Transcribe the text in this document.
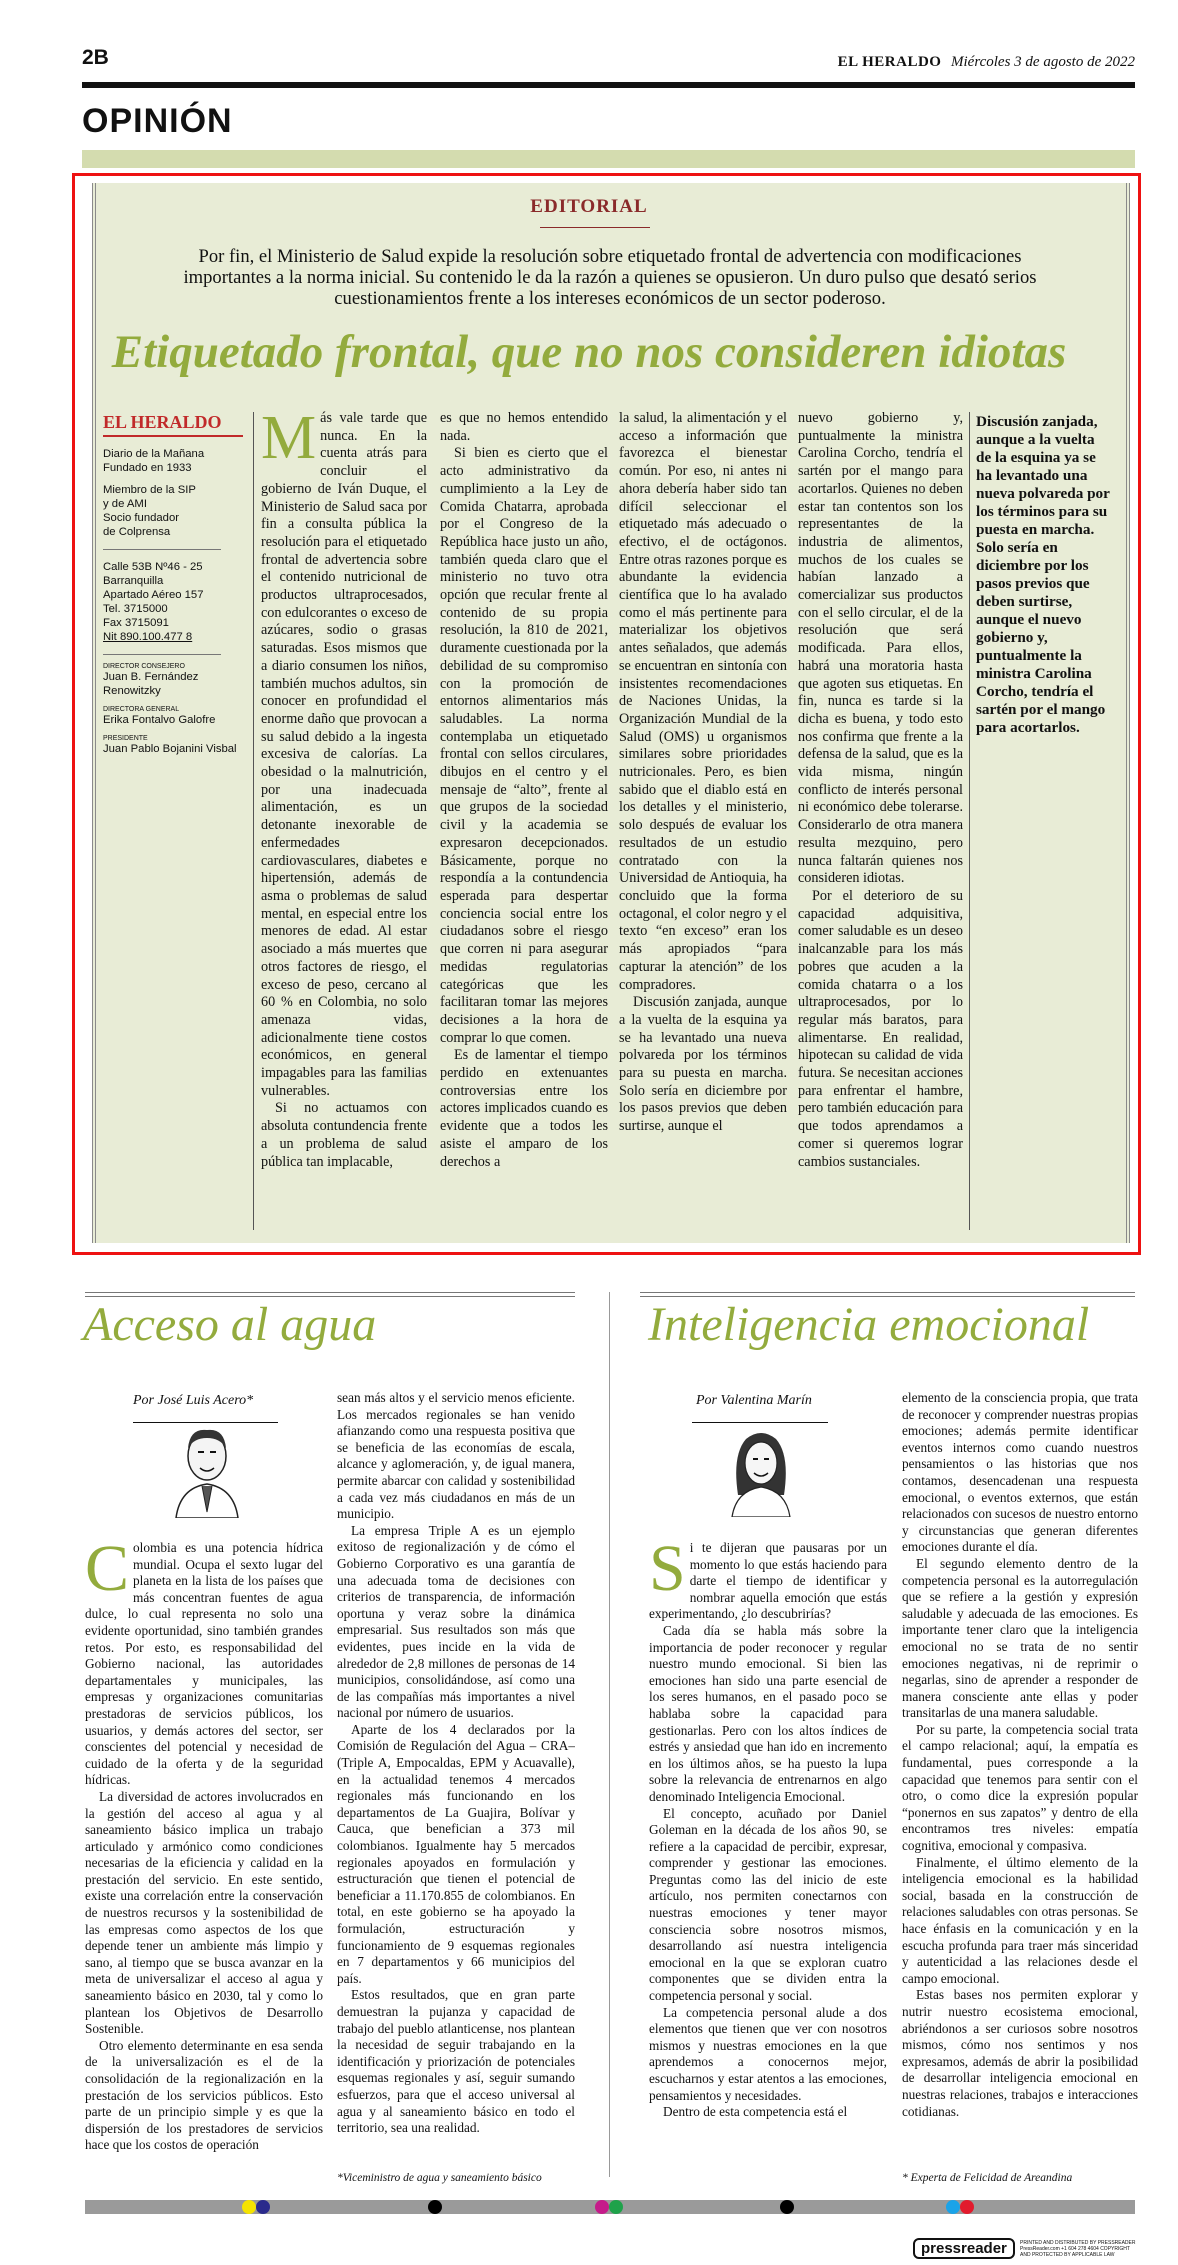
2B	EL HERALDO Miércoles 3 de agosto de 2022
OPINIÓN
EDITORIAL
Por fin, el Ministerio de Salud expide la resolución sobre etiquetado frontal de advertencia con modificaciones importantes a la norma inicial. Su contenido le da la razón a quienes se opusieron. Un duro pulso que desató serios cuestionamientos frente a los intereses económicos de un sector poderoso.
Etiquetado frontal, que no nos consideren idiotas
EL HERALDO
Diario de la Mañana
Fundado en 1933
Miembro de la SIP
y de AMI
Socio fundador
de Colprensa
Calle 53B Nº46 - 25
Barranquilla
Apartado Aéreo 157
Tel. 3715000
Fax 3715091
Nit 890.100.477 8
DIRECTOR CONSEJERO
Juan B. Fernández Renowitzky
DIRECTORA GENERAL
Erika Fontalvo Galofre
PRESIDENTE
Juan Pablo Bojanini Visbal

Más vale tarde que nunca. En la cuenta atrás para concluir el gobierno de Iván Duque, el Ministerio de Salud saca por fin a consulta pública la resolución para el etiquetado frontal de advertencia sobre el contenido nutricional de productos ultraprocesados, con edulcorantes o exceso de azúcares, sodio o grasas saturadas. Esos mismos que a diario consumen los niños, también muchos adultos, sin conocer en profundidad el enorme daño que provocan a su salud debido a la ingesta excesiva de calorías. La obesidad o la malnutrición, por una inadecuada alimentación, es un detonante inexorable de enfermedades cardiovasculares, diabetes e hipertensión, además de asma o problemas de salud mental, en especial entre los menores de edad. Al estar asociado a más muertes que otros factores de riesgo, el exceso de peso, cercano al 60 % en Colombia, no solo amenaza vidas, adicionalmente tiene costos económicos, en general impagables para las familias vulnerables.

Si no actuamos con absoluta contundencia frente a un problema de salud pública tan implacable,

es que no hemos entendido nada.

Si bien es cierto que el acto administrativo da cumplimiento a la Ley de Comida Chatarra, aprobada por el Congreso de la República hace justo un año, también queda claro que el ministerio no tuvo otra opción que recular frente al contenido de su propia resolución, la 810 de 2021, duramente cuestionada por la debilidad de su compromiso con la promoción de entornos alimentarios más saludables. La norma contemplaba un etiquetado frontal con sellos circulares, dibujos en el centro y el mensaje de “alto”, frente al que grupos de la sociedad civil y la academia se expresaron decepcionados. Básicamente, porque no respondía a la contundencia esperada para despertar conciencia social entre los ciudadanos sobre el riesgo que corren ni para asegurar medidas regulatorias categóricas que les facilitaran tomar las mejores decisiones a la hora de comprar lo que comen.

Es de lamentar el tiempo perdido en extenuantes controversias entre los actores implicados cuando es evidente que a todos les asiste el amparo de los derechos a

la salud, la alimentación y el acceso a información que favorezca el bienestar común. Por eso, ni antes ni ahora debería haber sido tan difícil seleccionar el etiquetado más adecuado o efectivo, el de octágonos. Entre otras razones porque es abundante la evidencia científica que lo ha avalado como el más pertinente para materializar los objetivos antes señalados, que además se encuentran en sintonía con insistentes recomendaciones de Naciones Unidas, la Organización Mundial de la Salud (OMS) u organismos similares sobre prioridades nutricionales. Pero, es bien sabido que el diablo está en los detalles y el ministerio, solo después de evaluar los resultados de un estudio contratado con la Universidad de Antioquia, ha concluido que la forma octagonal, el color negro y el texto “en exceso” eran los más apropiados “para capturar la atención” de los compradores.

Discusión zanjada, aunque a la vuelta de la esquina ya se ha levantado una nueva polvareda por los términos para su puesta en marcha. Solo sería en diciembre por los pasos previos que deben surtirse, aunque el

nuevo gobierno y, puntualmente la ministra Carolina Corcho, tendría el sartén por el mango para acortarlos. Quienes no deben estar tan contentos son los representantes de la industria de alimentos, muchos de los cuales se habían lanzado a comercializar sus productos con el sello circular, el de la resolución que será modificada. Para ellos, habrá una moratoria hasta que agoten sus etiquetas. En fin, nunca es tarde si la dicha es buena, y todo esto nos confirma que frente a la defensa de la salud, que es la vida misma, ningún conflicto de interés personal ni económico debe tolerarse. Considerarlo de otra manera resulta mezquino, pero nunca faltarán quienes nos consideren idiotas.

Por el deterioro de su capacidad adquisitiva, comer saludable es un deseo inalcanzable para los más pobres que acuden a la comida chatarra o a los ultraprocesados, por lo regular más baratos, para alimentarse. En realidad, hipotecan su calidad de vida futura. Se necesitan acciones para enfrentar el hambre, pero también educación para que todos aprendamos a comer si queremos lograr cambios sustanciales.

Discusión zanjada, aunque a la vuelta de la esquina ya se ha levantado una nueva polvareda por los términos para su puesta en marcha. Solo sería en diciembre por los pasos previos que deben surtirse, aunque el nuevo gobierno y, puntualmente la ministra Carolina Corcho, tendría el sartén por el mango para acortarlos.
Acceso al agua
Por José Luis Acero*

Colombia es una potencia hídrica mundial. Ocupa el sexto lugar del planeta en la lista de los países que más concentran fuentes de agua dulce, lo cual representa no solo una evidente oportunidad, sino también grandes retos. Por esto, es responsabilidad del Gobierno nacional, las autoridades departamentales y municipales, las empresas y organizaciones comunitarias prestadoras de servicios públicos, los usuarios, y demás actores del sector, ser conscientes del potencial y necesidad de cuidado de la oferta y de la seguridad hídricas.

La diversidad de actores involucrados en la gestión del acceso al agua y al saneamiento básico implica un trabajo articulado y armónico como condiciones necesarias de la eficiencia y calidad en la prestación del servicio. En este sentido, existe una correlación entre la conservación de nuestros recursos y la sostenibilidad de las empresas como aspectos de los que depende tener un ambiente más limpio y sano, al tiempo que se busca avanzar en la meta de universalizar el acceso al agua y saneamiento básico en 2030, tal y como lo plantean los Objetivos de Desarrollo Sostenible.

Otro elemento determinante en esa senda de la universalización es el de la consolidación de la regionalización en la prestación de los servicios públicos. Esto parte de un principio simple y es que la dispersión de los prestadores de servicios hace que los costos de operación

sean más altos y el servicio menos eficiente. Los mercados regionales se han venido afianzando como una respuesta positiva que se beneficia de las economías de escala, alcance y aglomeración, y, de igual manera, permite abarcar con calidad y sostenibilidad a cada vez más ciudadanos en más de un municipio.

La empresa Triple A es un ejemplo exitoso de regionalización y de cómo el Gobierno Corporativo es una garantía de una adecuada toma de decisiones con criterios de transparencia, de información oportuna y veraz sobre la dinámica empresarial. Sus resultados son más que evidentes, pues incide en la vida de alrededor de 2,8 millones de personas de 14 municipios, consolidándose, así como una de las compañías más importantes a nivel nacional por número de usuarios.

Aparte de los 4 declarados por la Comisión de Regulación del Agua – CRA– (Triple A, Empocaldas, EPM y Acuavalle), en la actualidad tenemos 4 mercados regionales más funcionando en los departamentos de La Guajira, Bolívar y Cauca, que benefician a 373 mil colombianos. Igualmente hay 5 mercados regionales apoyados en formulación y estructuración que tienen el potencial de beneficiar a 11.170.855 de colombianos. En total, en este gobierno se ha apoyado la formulación, estructuración y funcionamiento de 9 esquemas regionales en 7 departamentos y 66 municipios del país.

Estos resultados, que en gran parte demuestran la pujanza y capacidad de trabajo del pueblo atlanticense, nos plantean la necesidad de seguir trabajando en la identificación y priorización de potenciales esquemas regionales y así, seguir sumando esfuerzos, para que el acceso universal al agua y al saneamiento básico en todo el territorio, sea una realidad.

*Viceministro de agua y saneamiento básico
Inteligencia emocional
Por Valentina Marín

Si te dijeran que pausaras por un momento lo que estás haciendo para darte el tiempo de identificar y nombrar aquella emoción que estás experimentando, ¿lo descubrirías?

Cada día se habla más sobre la importancia de poder reconocer y regular nuestro mundo emocional. Si bien las emociones han sido una parte esencial de los seres humanos, en el pasado poco se hablaba sobre la capacidad para gestionarlas. Pero con los altos índices de estrés y ansiedad que han ido en incremento en los últimos años, se ha puesto la lupa sobre la relevancia de entrenarnos en algo denominado Inteligencia Emocional.

El concepto, acuñado por Daniel Goleman en la década de los años 90, se refiere a la capacidad de percibir, expresar, comprender y gestionar las emociones. Preguntas como las del inicio de este artículo, nos permiten conectarnos con nuestras emociones y tener mayor consciencia sobre nosotros mismos, desarrollando así nuestra inteligencia emocional en la que se exploran cuatro componentes que se dividen entra la competencia personal y social.

La competencia personal alude a dos elementos que tienen que ver con nosotros mismos y nuestras emociones en la que aprendemos a conocernos mejor, escucharnos y estar atentos a las emociones, pensamientos y necesidades.

Dentro de esta competencia está el

elemento de la consciencia propia, que trata de reconocer y comprender nuestras propias emociones; además permite identificar eventos internos como cuando nuestros pensamientos o las historias que nos contamos, desencadenan una respuesta emocional, o eventos externos, que están relacionados con sucesos de nuestro entorno y circunstancias que generan diferentes emociones durante el día.

El segundo elemento dentro de la competencia personal es la autorregulación que se refiere a la gestión y expresión saludable y adecuada de las emociones. Es importante tener claro que la inteligencia emocional no se trata de no sentir emociones negativas, ni de reprimir o negarlas, sino de aprender a responder de manera consciente ante ellas y poder transitarlas de una manera saludable.

Por su parte, la competencia social trata el campo relacional; aquí, la empatía es fundamental, pues corresponde a la capacidad que tenemos para sentir con el otro, o como dice la expresión popular “ponernos en sus zapatos” y dentro de ella encontramos tres niveles: empatía cognitiva, emocional y compasiva.

Finalmente, el último elemento de la inteligencia emocional es la habilidad social, basada en la construcción de relaciones saludables con otras personas. Se hace énfasis en la comunicación y en la escucha profunda para traer más sinceridad y autenticidad a las relaciones desde el campo emocional.

Estas bases nos permiten explorar y nutrir nuestro ecosistema emocional, abriéndonos a ser curiosos sobre nosotros mismos, cómo nos sentimos y nos expresamos, además de abrir la posibilidad de desarrollar inteligencia emocional en nuestras relaciones, trabajos e interacciones cotidianas.

* Experta de Felicidad de Areandina
pressreader	PRINTED AND DISTRIBUTED BY PRESSREADER PressReader.com +1 604 278 4604 COPYRIGHT AND PROTECTED BY APPLICABLE LAW
